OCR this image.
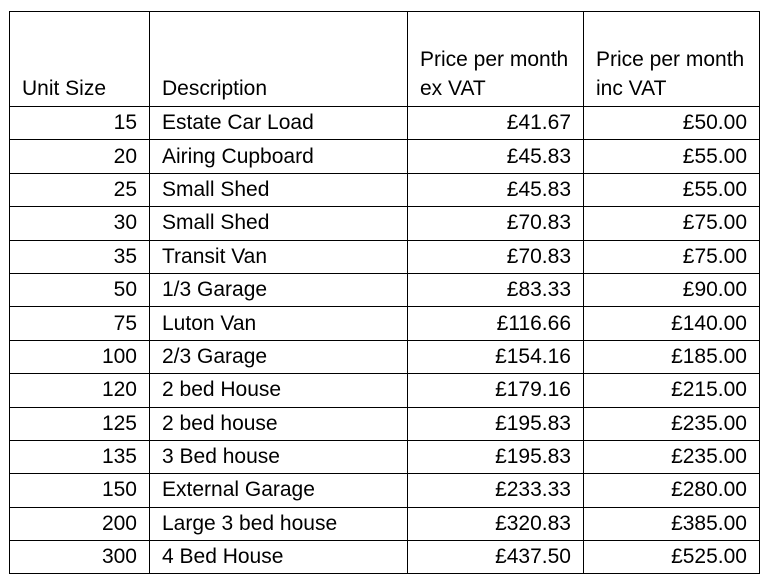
Unit Size	Description	Price per month ex VAT	Price per month inc VAT
15	Estate Car Load	£41.67	£50.00
20	Airing Cupboard	£45.83	£55.00
25	Small Shed	£45.83	£55.00
30	Small Shed	£70.83	£75.00
35	Transit Van	£70.83	£75.00
50	1/3 Garage	£83.33	£90.00
75	Luton Van	£116.66	£140.00
100	2/3 Garage	£154.16	£185.00
120	2 bed House	£179.16	£215.00
125	2 bed house	£195.83	£235.00
135	3 Bed house	£195.83	£235.00
150	External Garage	£233.33	£280.00
200	Large 3 bed house	£320.83	£385.00
300	4 Bed House	£437.50	£525.00
